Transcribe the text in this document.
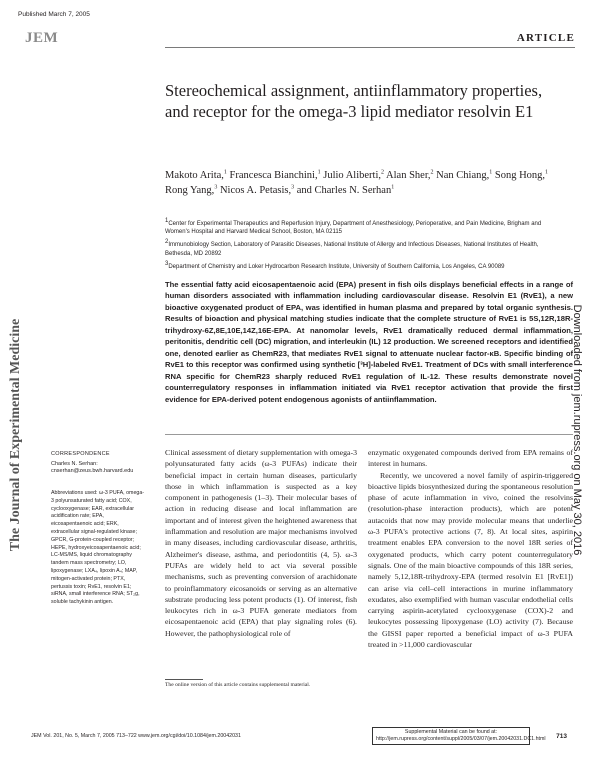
Published March 7, 2005
JEM	ARTICLE
The Journal of Experimental Medicine	Downloaded from jem.rupress.org on May 30, 2016
Stereochemical assignment, antiinflammatory properties, and receptor for the omega-3 lipid mediator resolvin E1
Makoto Arita,$^1$ Francesca Bianchini,$^1$ Julio Aliberti,$^2$ Alan Sher,$^2$ Nan Chiang,$^1$ Song Hong,$^1$ Rong Yang,$^3$ Nicos A. Petasis,$^3$ and Charles N. Serhan$^1$
$^1$Center for Experimental Therapeutics and Reperfusion Injury, Department of Anesthesiology, Perioperative, and Pain Medicine, Brigham and Women's Hospital and Harvard Medical School, Boston, MA 02115
$^2$Immunobiology Section, Laboratory of Parasitic Diseases, National Institute of Allergy and Infectious Diseases, National Institutes of Health, Bethesda, MD 20892
$^3$Department of Chemistry and Loker Hydrocarbon Research Institute, University of Southern California, Los Angeles, CA 90089
The essential fatty acid eicosapentaenoic acid (EPA) present in fish oils displays beneficial effects in a range of human disorders associated with inflammation including cardiovascular disease. Resolvin E1 (RvE1), a new bioactive oxygenated product of EPA, was identified in human plasma and prepared by total organic synthesis. Results of bioaction and physical matching studies indicate that the complete structure of RvE1 is 5S,12R,18R-trihydroxy-6Z,8E,10E,14Z,16E-EPA. At nanomolar levels, RvE1 dramatically reduced dermal inflammation, peritonitis, dendritic cell (DC) migration, and interleukin (IL) 12 production. We screened receptors and identified one, denoted earlier as ChemR23, that mediates RvE1 signal to attenuate nuclear factor-κB. Specific binding of RvE1 to this receptor was confirmed using synthetic [³H]-labeled RvE1. Treatment of DCs with small interference RNA specific for ChemR23 sharply reduced RvE1 regulation of IL-12. These results demonstrate novel counterregulatory responses in inflammation initiated via RvE1 receptor activation that provide the first evidence for EPA-derived potent endogenous agonists of antiinflammation.
CORRESPONDENCE
Charles N. Serhan:
cnserhan@zeus.bwh.harvard.edu
Abbreviations used: ω-3 PUFA, omega-3 polyunsaturated fatty acid; COX, cyclooxygenase; EAR, extracellular acidification rate; EPA, eicosapentaenoic acid; ERK, extracellular signal-regulated kinase; GPCR, G-protein-coupled receptor; HEPE, hydroxyeicosapentaenoic acid; LC-MS/MS, liquid chromatography tandem mass spectrometry; LO, lipoxygenase; LXA₄, lipoxin A₄; MAP, mitogen-activated protein; PTX, pertussis toxin; RvE1, resolvin E1; siRNA, small interference RNA; ST₂g, soluble tachykinin antigen.

Clinical assessment of dietary supplementation with omega-3 polyunsaturated fatty acids (ω-3 PUFAs) indicate their beneficial impact in certain human diseases, particularly those in which inflammation is suspected as a key component in pathogenesis (1–3). Their molecular bases of action in reducing disease and local inflammation are important and of interest given the heightened awareness that inflammation and resolution are major mechanisms involved in many diseases, including cardiovascular disease, arthritis, Alzheimer's disease, asthma, and periodontitis (4, 5). ω-3 PUFAs are widely held to act via several possible mechanisms, such as preventing conversion of arachidonate to proinflammatory eicosanoids or serving as an alternative substrate producing less potent products (1). Of interest, fish leukocytes rich in ω-3 PUFA generate mediators from eicosapentaenoic acid (EPA) that play signaling roles (6). However, the pathophysiological role of

enzymatic oxygenated compounds derived from EPA remains of interest in humans.

Recently, we uncovered a novel family of aspirin-triggered bioactive lipids biosynthesized during the spontaneous resolution phase of acute inflammation in vivo, coined the resolvins (resolution-phase interaction products), which are potent autacoids that now may provide molecular means that underlie ω-3 PUFA's protective actions (7, 8). At local sites, aspirin treatment enables EPA conversion to the novel 18R series of oxygenated products, which carry potent counterregulatory signals. One of the main bioactive compounds of this 18R series, namely 5,12,18R-trihydroxy-EPA (termed resolvin E1 [RvE1]) can arise via cell–cell interactions in murine inflammatory exudates, also exemplified with human vascular endothelial cells carrying aspirin-acetylated cyclooxygenase (COX)-2 and leukocytes possessing lipoxygenase (LO) activity (7). Because the GISSI paper reported a beneficial impact of ω-3 PUFA treated in >11,000 cardiovascular

The online version of this article contains supplemental material.
JEM Vol. 201, No. 5, March 7, 2005 713–722 www.jem.org/cgi/doi/10.1084/jem.20042031
Supplemental Material can be found at:
http://jem.rupress.org/content/suppl/2005/03/07/jem.20042031.DC1.html 713
